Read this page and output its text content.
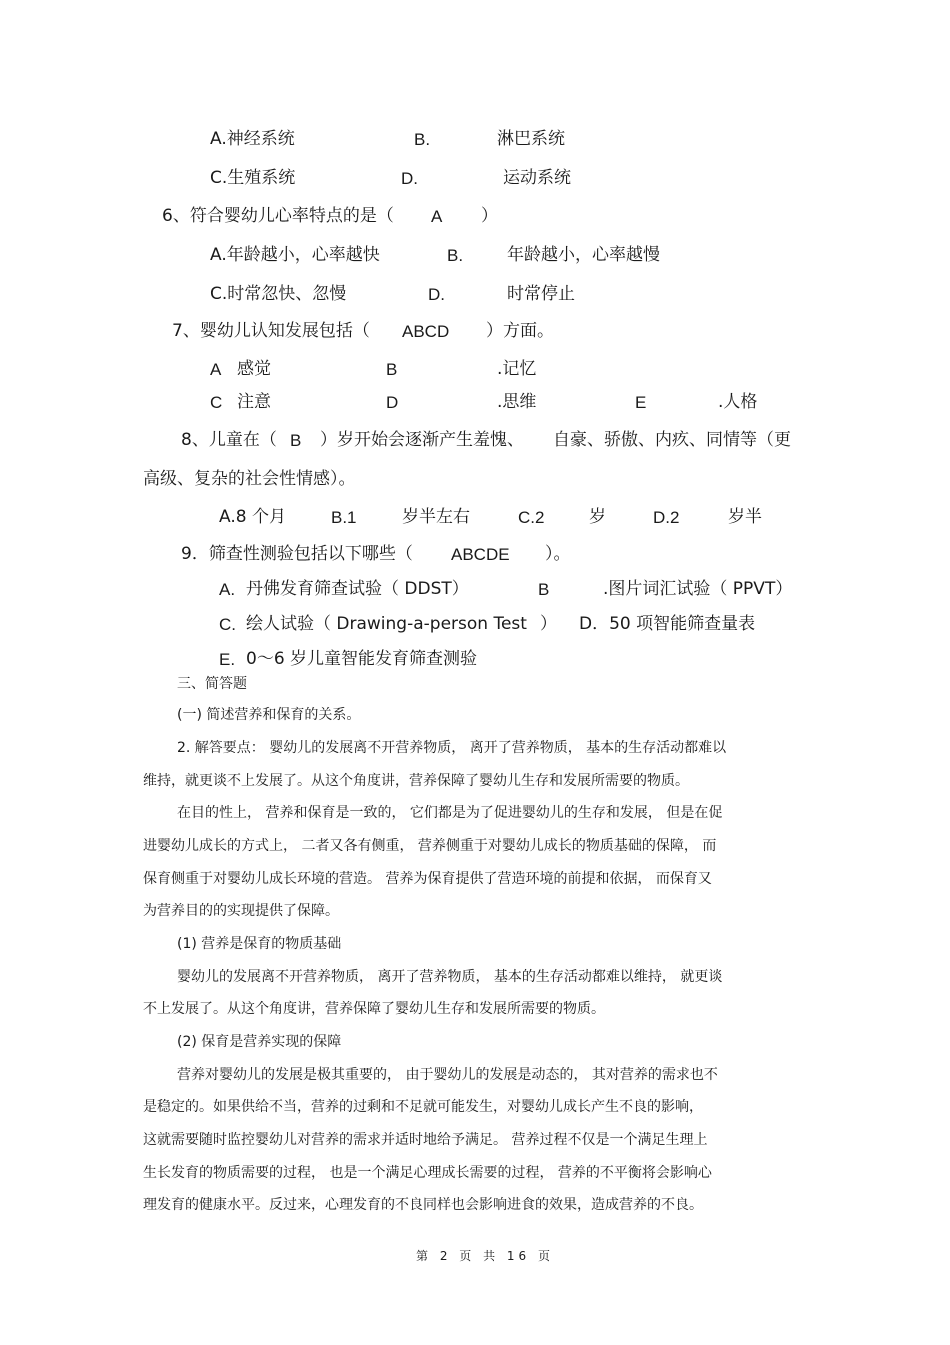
A.神经系统	B.	淋巴系统
C.生殖系统	D.	运动系统
6、符合婴幼儿心率特点的是（ A ）
A.年龄越小，心率越快	B.	年龄越小，心率越慢
C.时常忽快、忽慢	D.	时常停止
7、婴幼儿认知发展包括（ ABCD ）方面。
A 感觉	B	.记忆
C 注意	D	.思维	E	.人格
8、儿童在（ B ）岁开始会逐渐产生羞愧、 自豪、骄傲、内疚、同情等（更
高级、复杂的社会性情感）。
A.8 个月	B.1	岁半左右	C.2	岁	D.2	岁半
9．筛查性测验包括以下哪些（ ABCDE ）。
A. 丹佛发育筛查试验（ DDST）	B	.图片词汇试验（ PPVT）
C. 绘人试验（ Drawing-a-person Test ） D．50 项智能筛查量表
E. 0～6 岁儿童智能发育筛查测验
三、简答题
(一) 简述营养和保育的关系。
2. 解答要点： 婴幼儿的发展离不开营养物质， 离开了营养物质， 基本的生存活动都难以
维持，就更谈不上发展了。从这个角度讲，营养保障了婴幼儿生存和发展所需要的物质。
在目的性上， 营养和保育是一致的， 它们都是为了促进婴幼儿的生存和发展， 但是在促
进婴幼儿成长的方式上， 二者又各有侧重， 营养侧重于对婴幼儿成长的物质基础的保障， 而
保育侧重于对婴幼儿成长环境的营造。 营养为保育提供了营造环境的前提和依据， 而保育又
为营养目的的实现提供了保障。
(1) 营养是保育的物质基础
婴幼儿的发展离不开营养物质， 离开了营养物质， 基本的生存活动都难以维持， 就更谈
不上发展了。从这个角度讲，营养保障了婴幼儿生存和发展所需要的物质。
(2) 保育是营养实现的保障
营养对婴幼儿的发展是极其重要的， 由于婴幼儿的发展是动态的， 其对营养的需求也不
是稳定的。如果供给不当，营养的过剩和不足就可能发生，对婴幼儿成长产生不良的影响，
这就需要随时监控婴幼儿对营养的需求并适时地给予满足。 营养过程不仅是一个满足生理上
生长发育的物质需要的过程， 也是一个满足心理成长需要的过程， 营养的不平衡将会影响心
理发育的健康水平。反过来，心理发育的不良同样也会影响进食的效果，造成营养的不良。
第 2 页 共 16 页
